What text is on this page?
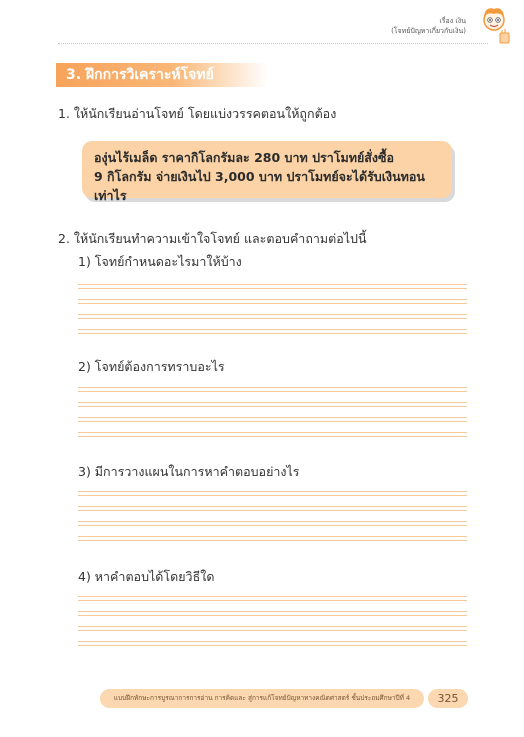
เรื่อง เงิน
(โจทย์ปัญหาเกี่ยวกับเงิน)
3. ฝึกการวิเคราะห์โจทย์
1. ให้นักเรียนอ่านโจทย์ โดยแบ่งวรรคตอนให้ถูกต้อง
องุ่นไร้เมล็ด ราคากิโลกรัมละ 280 บาท ปราโมทย์สั่งซื้อ
9 กิโลกรัม จ่ายเงินไป 3,000 บาท ปราโมทย์จะได้รับเงินทอนเท่าไร
2. ให้นักเรียนทำความเข้าใจโจทย์ และตอบคำถามต่อไปนี้
1) โจทย์กำหนดอะไรมาให้บ้าง
2) โจทย์ต้องการทราบอะไร
3) มีการวางแผนในการหาคำตอบอย่างไร
4) หาคำตอบได้โดยวิธีใด
แบบฝึกทักษะการบูรณาการการอ่าน การคิดและ สู่การแก้โจทย์ปัญหาทางคณิตศาสตร์ ชั้นประถมศึกษาปีที่ 4	325
